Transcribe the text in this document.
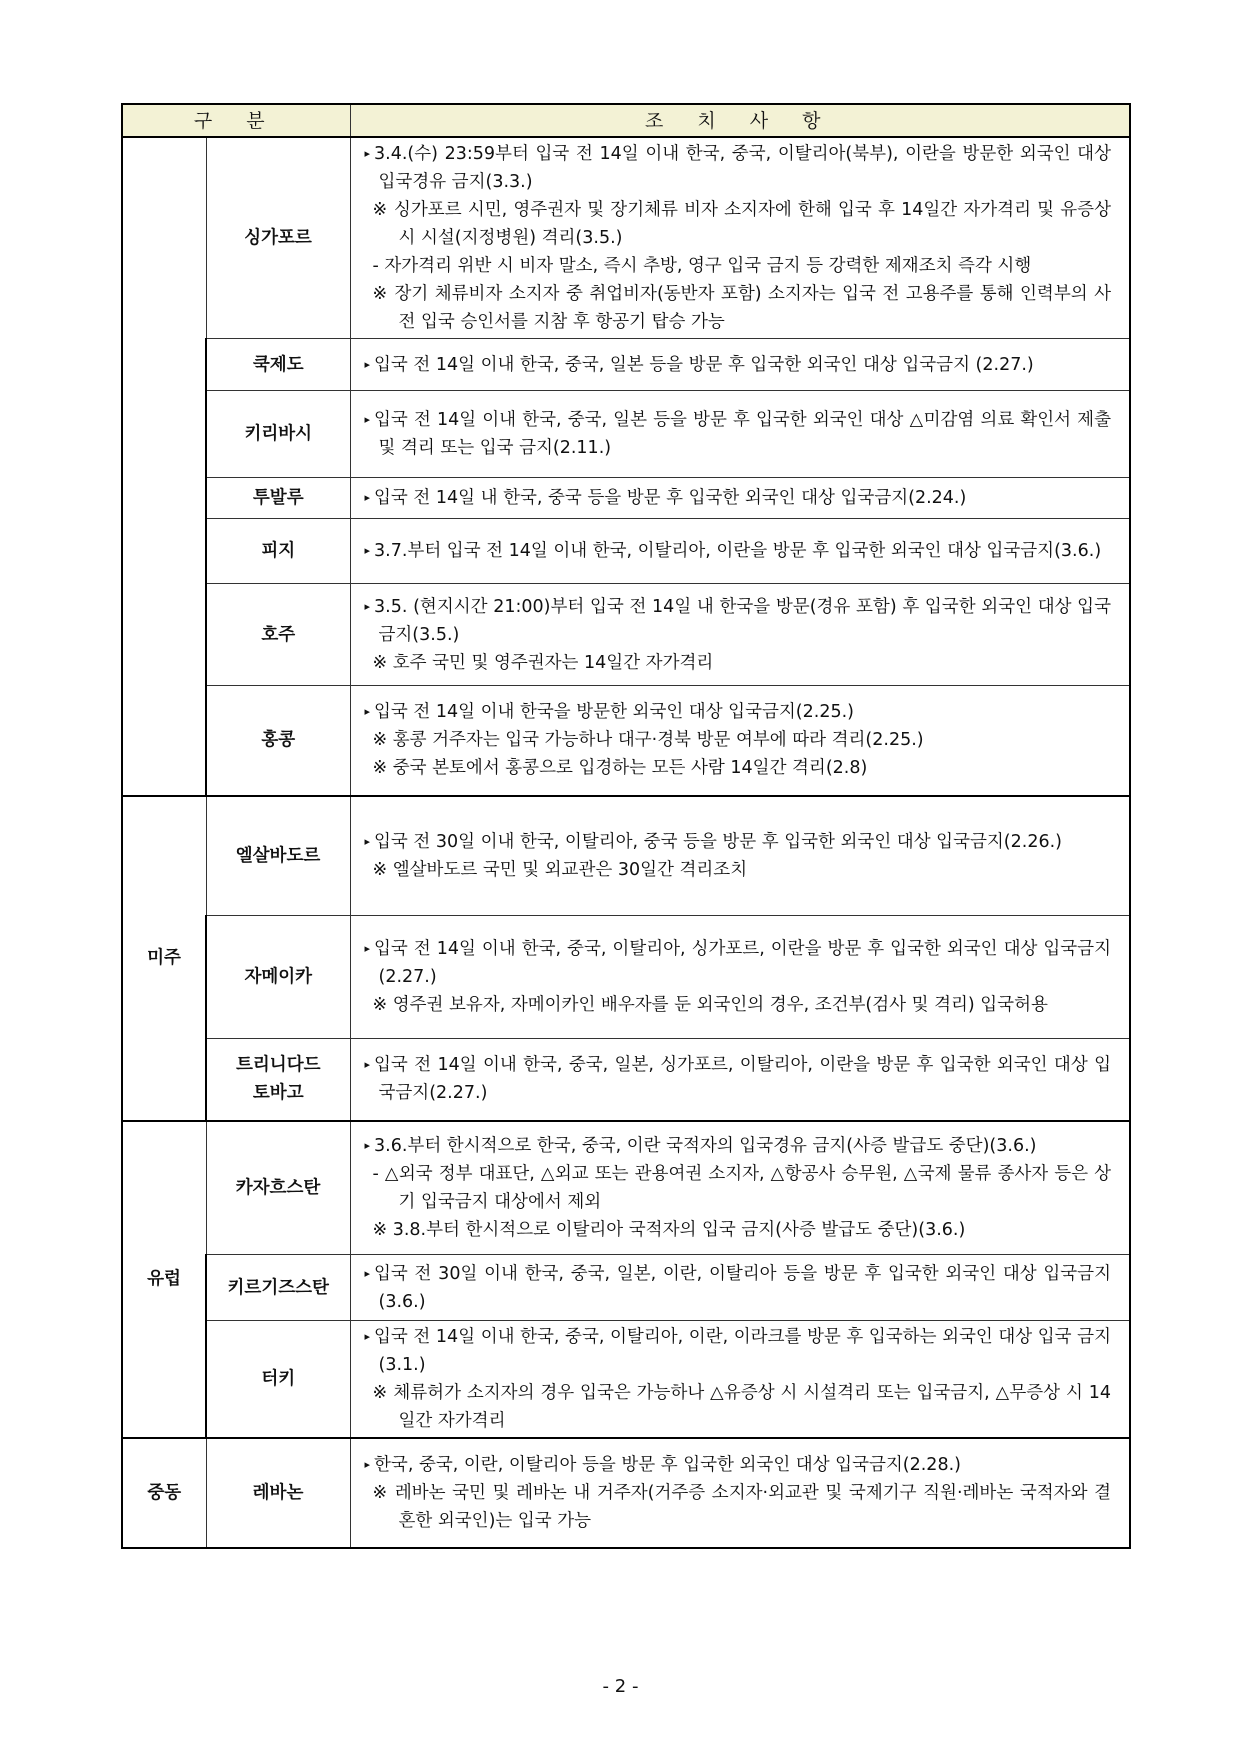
구 분		조 치 사 항

	싱가포르	▸ 3.4.(수) 23:59부터 입국 전 14일 이내 한국, 중국, 이탈리아(북부), 이란을 방문한 외국인 대상 입국경유 금지(3.3.)
※ 싱가포르 시민, 영주권자 및 장기체류 비자 소지자에 한해 입국 후 14일간 자가격리 및 유증상 시 시설(지정병원) 격리(3.5.)
- 자가격리 위반 시 비자 말소, 즉시 추방, 영구 입국 금지 등 강력한 제재조치 즉각 시행
※ 장기 체류비자 소지자 중 취업비자(동반자 포함) 소지자는 입국 전 고용주를 통해 인력부의 사전 입국 승인서를 지참 후 항공기 탑승 가능

	쿡제도	▸ 입국 전 14일 이내 한국, 중국, 일본 등을 방문 후 입국한 외국인 대상 입국금지 (2.27.)

	키리바시	▸ 입국 전 14일 이내 한국, 중국, 일본 등을 방문 후 입국한 외국인 대상 △미감염 의료 확인서 제출 및 격리 또는 입국 금지(2.11.)

	투발루	▸ 입국 전 14일 내 한국, 중국 등을 방문 후 입국한 외국인 대상 입국금지(2.24.)

	피지	▸ 3.7.부터 입국 전 14일 이내 한국, 이탈리아, 이란을 방문 후 입국한 외국인 대상 입국금지(3.6.)

	호주	▸ 3.5. (현지시간 21:00)부터 입국 전 14일 내 한국을 방문(경유 포함) 후 입국한 외국인 대상 입국 금지(3.5.)
※ 호주 국민 및 영주권자는 14일간 자가격리

	홍콩	▸ 입국 전 14일 이내 한국을 방문한 외국인 대상 입국금지(2.25.)
※ 홍콩 거주자는 입국 가능하나 대구·경북 방문 여부에 따라 격리(2.25.)
※ 중국 본토에서 홍콩으로 입경하는 모든 사람 14일간 격리(2.8)

미주	엘살바도르	▸ 입국 전 30일 이내 한국, 이탈리아, 중국 등을 방문 후 입국한 외국인 대상 입국금지(2.26.)
※ 엘살바도르 국민 및 외교관은 30일간 격리조치

	자메이카	▸ 입국 전 14일 이내 한국, 중국, 이탈리아, 싱가포르, 이란을 방문 후 입국한 외국인 대상 입국금지(2.27.)
※ 영주권 보유자, 자메이카인 배우자를 둔 외국인의 경우, 조건부(검사 및 격리) 입국허용

	트리니다드
토바고	▸ 입국 전 14일 이내 한국, 중국, 일본, 싱가포르, 이탈리아, 이란을 방문 후 입국한 외국인 대상 입국금지(2.27.)

유럽	카자흐스탄	▸ 3.6.부터 한시적으로 한국, 중국, 이란 국적자의 입국경유 금지(사증 발급도 중단)(3.6.)
- △외국 정부 대표단, △외교 또는 관용여권 소지자, △항공사 승무원, △국제 물류 종사자 등은 상기 입국금지 대상에서 제외
※ 3.8.부터 한시적으로 이탈리아 국적자의 입국 금지(사증 발급도 중단)(3.6.)

	키르기즈스탄	▸ 입국 전 30일 이내 한국, 중국, 일본, 이란, 이탈리아 등을 방문 후 입국한 외국인 대상 입국금지(3.6.)

	터키	▸ 입국 전 14일 이내 한국, 중국, 이탈리아, 이란, 이라크를 방문 후 입국하는 외국인 대상 입국 금지(3.1.)
※ 체류허가 소지자의 경우 입국은 가능하나 △유증상 시 시설격리 또는 입국금지, △무증상 시 14일간 자가격리

중동	레바논	▸ 한국, 중국, 이란, 이탈리아 등을 방문 후 입국한 외국인 대상 입국금지(2.28.)
※ 레바논 국민 및 레바논 내 거주자(거주증 소지자·외교관 및 국제기구 직원·레바논 국적자와 결혼한 외국인)는 입국 가능
- 2 -
